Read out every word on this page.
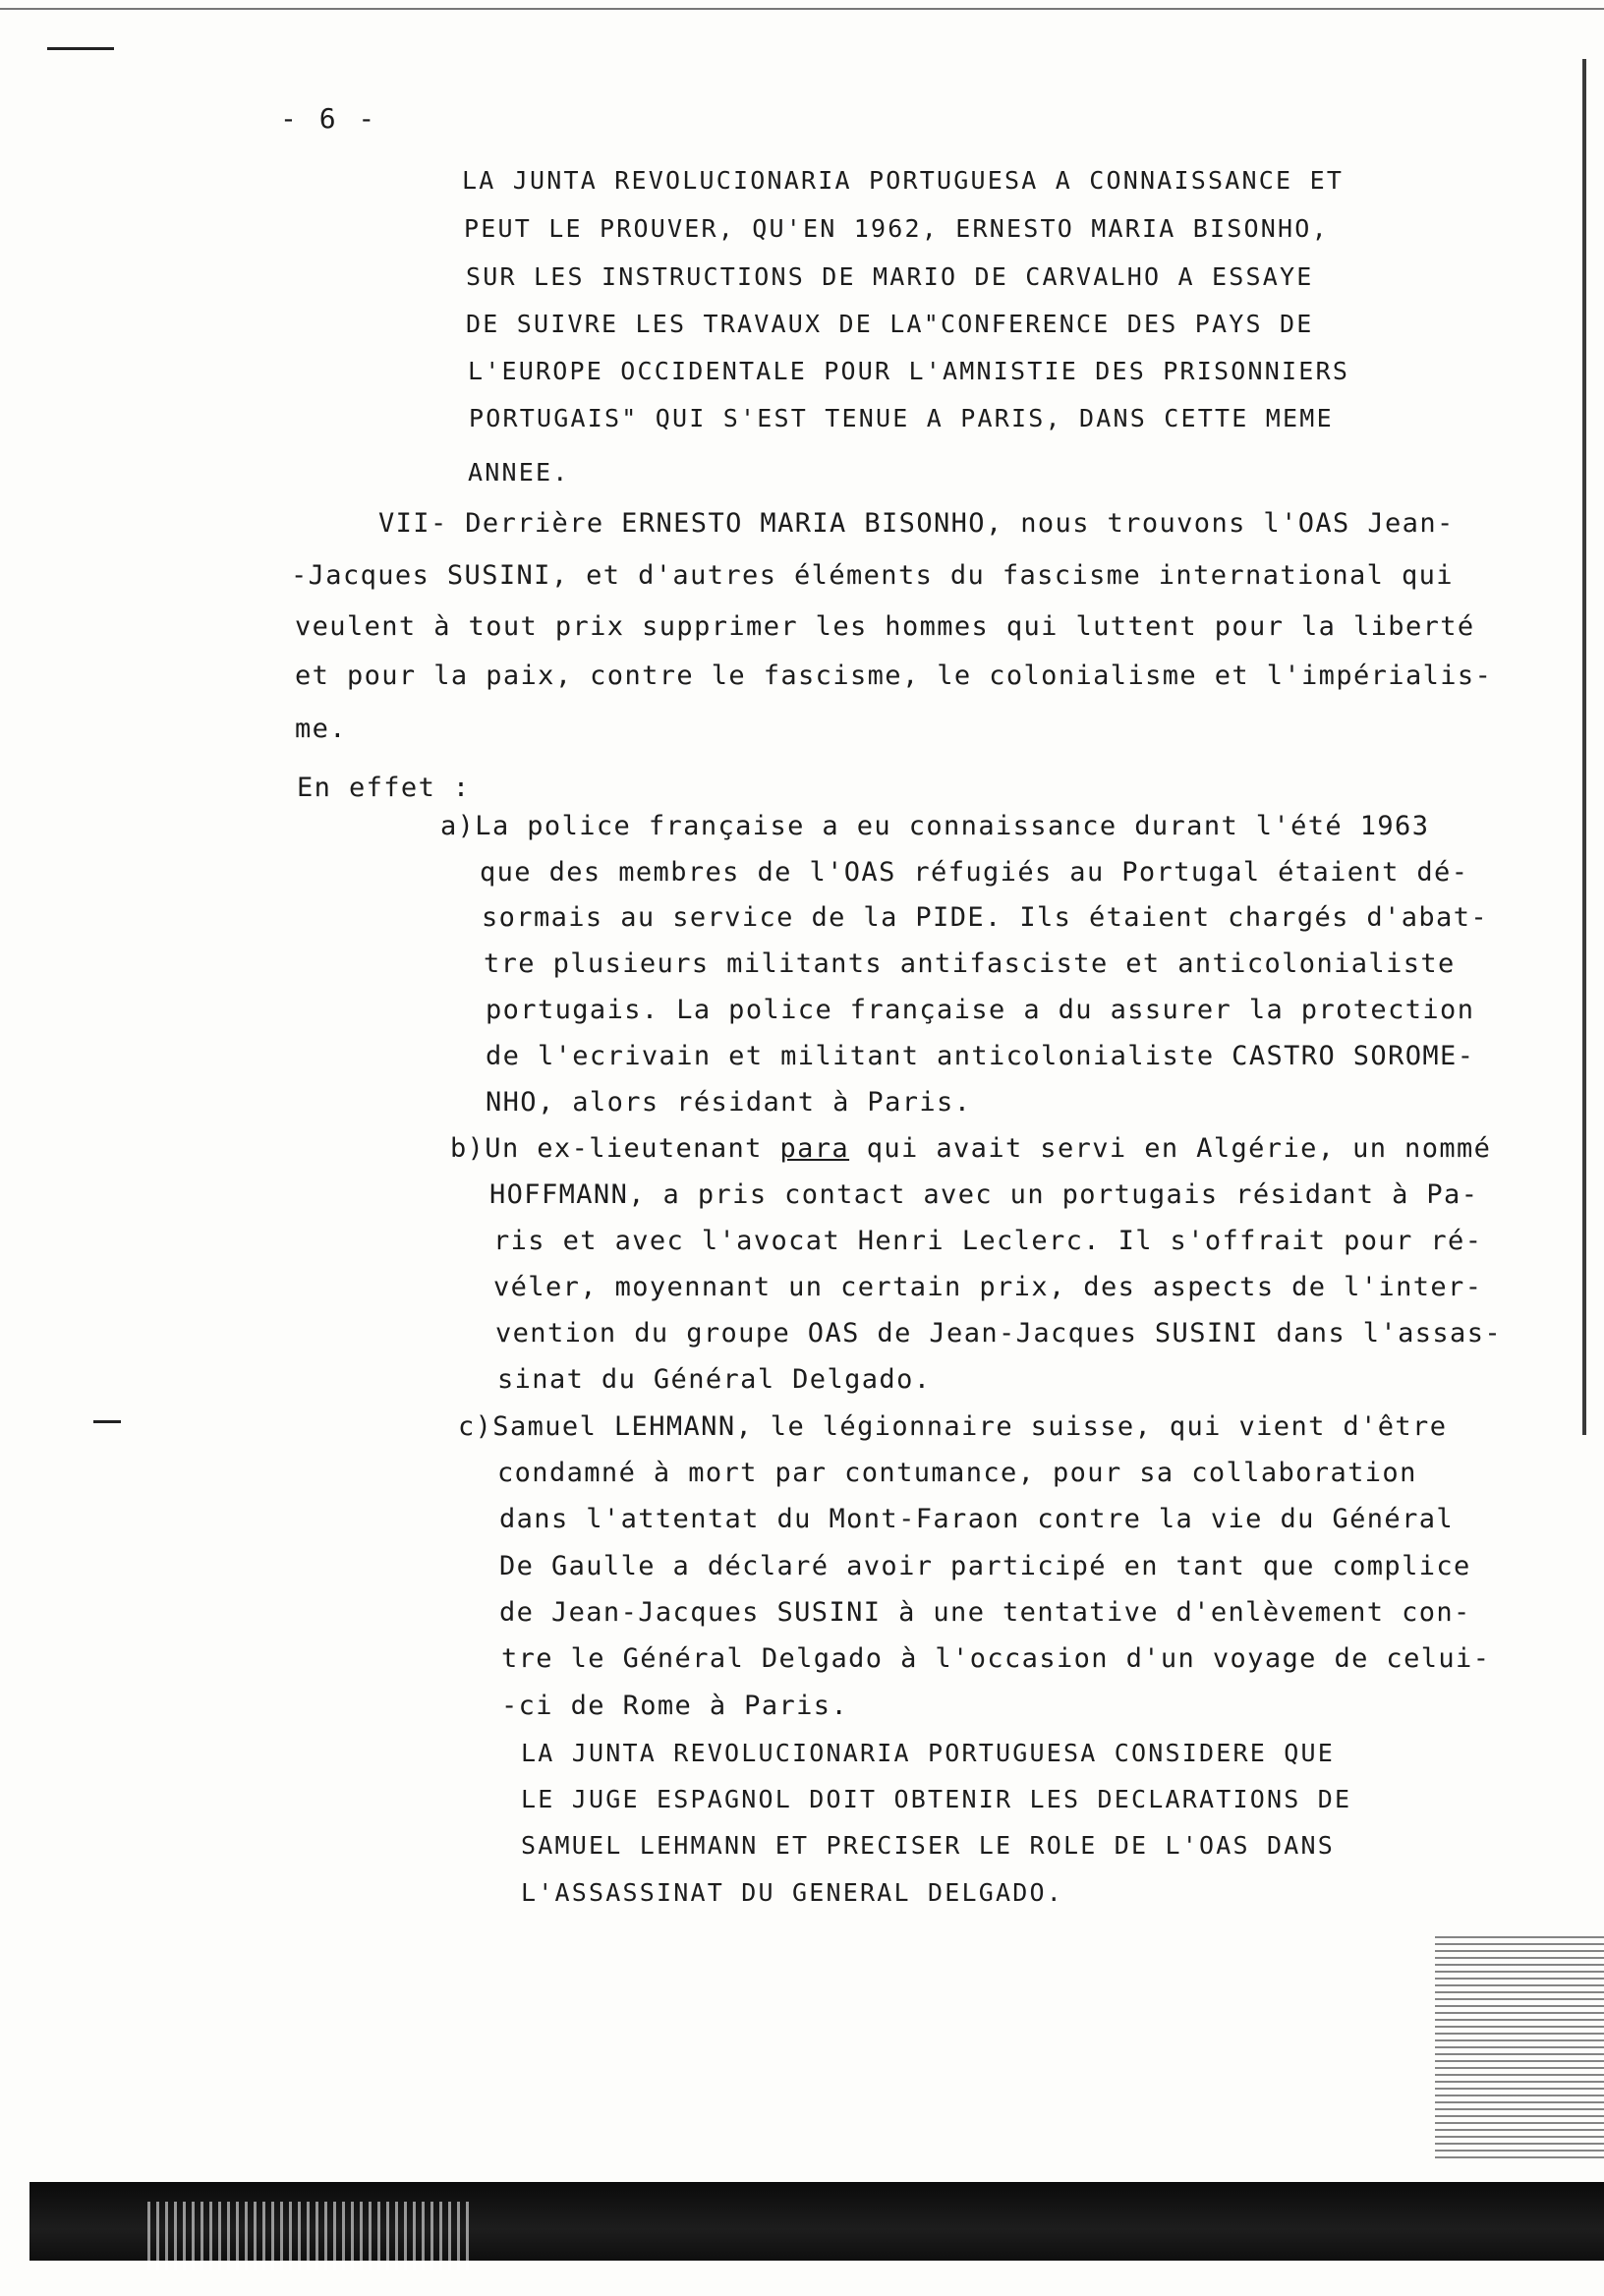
- 6 -
LA JUNTA REVOLUCIONARIA PORTUGUESA A CONNAISSANCE ET
PEUT LE PROUVER, QU'EN 1962, ERNESTO MARIA BISONHO,
SUR LES INSTRUCTIONS DE MARIO DE CARVALHO A ESSAYE
DE SUIVRE LES TRAVAUX DE LA"CONFERENCE DES PAYS DE
L'EUROPE OCCIDENTALE POUR L'AMNISTIE DES PRISONNIERS
PORTUGAIS" QUI S'EST TENUE A PARIS, DANS CETTE MEME
ANNEE.
VII- Derrière ERNESTO MARIA BISONHO, nous trouvons l'OAS Jean-
-Jacques SUSINI, et d'autres éléments du fascisme international qui
veulent à tout prix supprimer les hommes qui luttent pour la liberté
et pour la paix, contre le fascisme, le colonialisme et l'impérialis-
me.
En effet :
a)La police française a eu connaissance durant l'été 1963
que des membres de l'OAS réfugiés au Portugal étaient dé-
sormais au service de la PIDE. Ils étaient chargés d'abat-
tre plusieurs militants antifasciste et anticolonialiste
portugais. La police française a du assurer la protection
de l'ecrivain et militant anticolonialiste CASTRO SOROME-
NHO, alors résidant à Paris.
b)Un ex-lieutenant para qui avait servi en Algérie, un nommé
HOFFMANN, a pris contact avec un portugais résidant à Pa-
ris et avec l'avocat Henri Leclerc. Il s'offrait pour ré-
véler, moyennant un certain prix, des aspects de l'inter-
vention du groupe OAS de Jean-Jacques SUSINI dans l'assas-
sinat du Général Delgado.
c)Samuel LEHMANN, le légionnaire suisse, qui vient d'être
condamné à mort par contumance, pour sa collaboration
dans l'attentat du Mont-Faraon contre la vie du Général
De Gaulle a déclaré avoir participé en tant que complice
de Jean-Jacques SUSINI à une tentative d'enlèvement con-
tre le Général Delgado à l'occasion d'un voyage de celui-
-ci de Rome à Paris.
LA JUNTA REVOLUCIONARIA PORTUGUESA CONSIDERE QUE
LE JUGE ESPAGNOL DOIT OBTENIR LES DECLARATIONS DE
SAMUEL LEHMANN ET PRECISER LE ROLE DE L'OAS DANS
L'ASSASSINAT DU GENERAL DELGADO.
